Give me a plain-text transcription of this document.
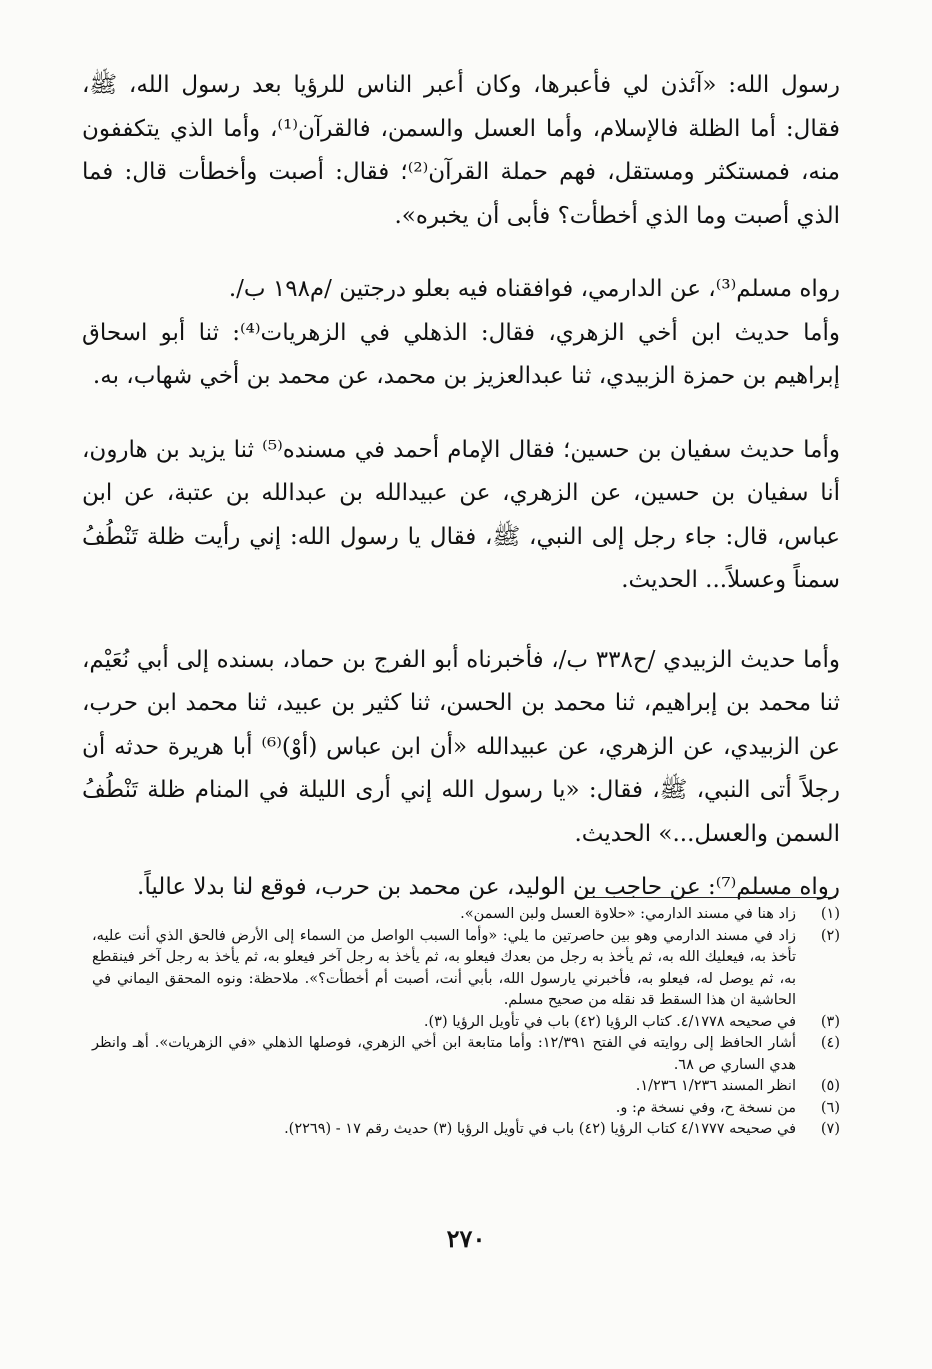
رسول الله: «آئذن لي فأعبرها، وكان أعبر الناس للرؤيا بعد رسول الله، ﷺ، فقال: أما الظلة فالإسلام، وأما العسل والسمن، فالقرآن⁽¹⁾، وأما الذي يتكففون منه، فمستكثر ومستقل، فهم حملة القرآن⁽²⁾؛ فقال: أصبت وأخطأت قال: فما الذي أصبت وما الذي أخطأت؟ فأبى أن يخبره».

رواه مسلم⁽³⁾، عن الدارمي، فوافقناه فيه بعلو درجتين /م١٩٨ ب/.

وأما حديث ابن أخي الزهري، فقال: الذهلي في الزهريات⁽⁴⁾: ثنا أبو اسحاق إبراهيم بن حمزة الزبيدي، ثنا عبدالعزيز بن محمد، عن محمد بن أخي شهاب، به.

وأما حديث سفيان بن حسين؛ فقال الإمام أحمد في مسنده⁽⁵⁾ ثنا يزيد بن هارون، أنا سفيان بن حسين، عن الزهري، عن عبيدالله بن عبدالله بن عتبة، عن ابن عباس، قال: جاء رجل إلى النبي، ﷺ، فقال يا رسول الله: إني رأيت ظلة تَنْطُفُ سمناً وعسلاً... الحديث.

وأما حديث الزبيدي /ح٣٣٨ ب/، فأخبرناه أبو الفرج بن حماد، بسنده إلى أبي نُعَيْم، ثنا محمد بن إبراهيم، ثنا محمد بن الحسن، ثنا كثير بن عبيد، ثنا محمد ابن حرب، عن الزبيدي، عن الزهري، عن عبيدالله «أن ابن عباس (أوْ)⁽⁶⁾ أبا هريرة حدثه أن رجلاً أتى النبي، ﷺ، فقال: «يا رسول الله إني أرى الليلة في المنام ظلة تَنْطُفُ السمن والعسل...» الحديث.

رواه مسلم⁽⁷⁾: عن حاجب بن الوليد، عن محمد بن حرب، فوقع لنا بدلا عالياً.

(١)
زاد هنا في مسند الدارمي: «حلاوة العسل ولبن السمن».
(٢)
زاد في مسند الدارمي وهو بين حاصرتين ما يلي: «وأما السبب الواصل من السماء إلى الأرض فالحق الذي أنت عليه، تأخذ به، فيعليك الله به، ثم يأخذ به رجل من بعدك فيعلو به، ثم يأخذ به رجل آخر فيعلو به، ثم يأخذ به رجل آخر فينقطع به، ثم يوصل له، فيعلو به، فأخبرني يارسول الله، بأبي أنت، أصبت أم أخطأت؟». ملاحظة: ونوه المحقق اليماني في الحاشية ان هذا السقط قد نقله من صحيح مسلم.
(٣)
في صحيحه ٤/١٧٧٨. كتاب الرؤيا (٤٢) باب في تأويل الرؤيا (٣).
(٤)
أشار الحافظ إلى روايته في الفتح ١٢/٣٩١: وأما متابعة ابن أخي الزهري، فوصلها الذهلي «في الزهريات». أهـ وانظر هدي الساري ص ٦٨.
(٥)
انظر المسند ١/٢٣٦ ١/٢٣٦.
(٦)
من نسخة ح، وفي نسخة م: و.
(٧)
في صحيحه ٤/١٧٧٧ كتاب الرؤيا (٤٢) باب في تأويل الرؤيا (٣) حديث رقم ١٧ - (٢٢٦٩).
٢٧٠
